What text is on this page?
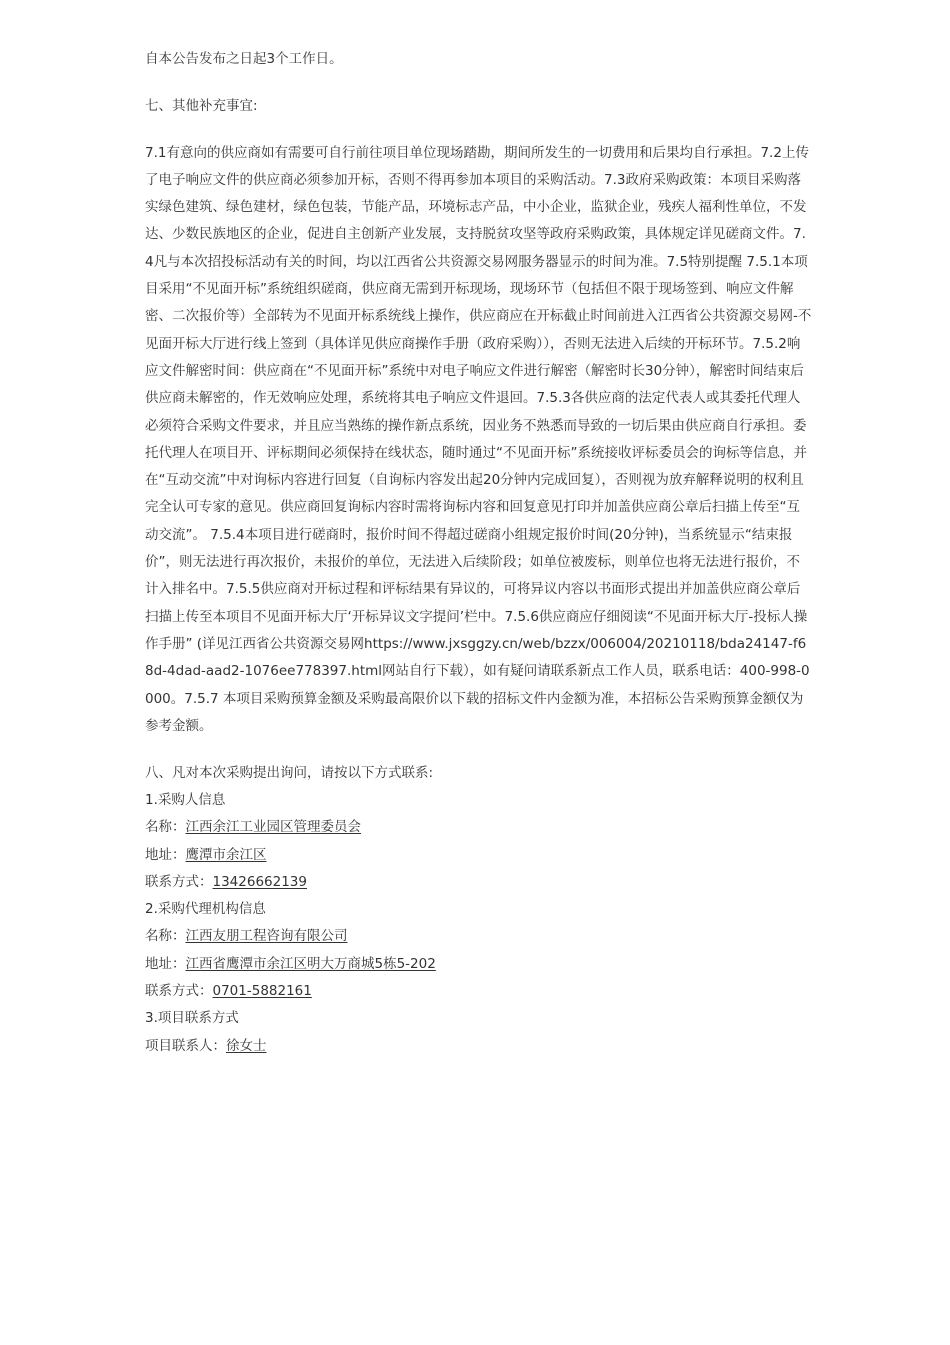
自本公告发布之日起3个工作日。

七、其他补充事宜:

7.1有意向的供应商如有需要可自行前往项目单位现场踏勘，期间所发生的一切费用和后果均自行承担。7.2上传了电子响应文件的供应商必须参加开标，否则不得再参加本项目的采购活动。7.3政府采购政策：本项目采购落实绿色建筑、绿色建材，绿色包装，节能产品，环境标志产品，中小企业，监狱企业，残疾人福利性单位，不发达、少数民族地区的企业，促进自主创新产业发展，支持脱贫攻坚等政府采购政策，具体规定详见磋商文件。7.4凡与本次招投标活动有关的时间，均以江西省公共资源交易网服务器显示的时间为准。7.5特别提醒 7.5.1本项目采用“不见面开标”系统组织磋商，供应商无需到开标现场，现场环节（包括但不限于现场签到、响应文件解密、二次报价等）全部转为不见面开标系统线上操作，供应商应在开标截止时间前进入江西省公共资源交易网-不见面开标大厅进行线上签到（具体详见供应商操作手册（政府采购）），否则无法进入后续的开标环节。7.5.2响应文件解密时间：供应商在“不见面开标”系统中对电子响应文件进行解密（解密时长30分钟），解密时间结束后供应商未解密的，作无效响应处理，系统将其电子响应文件退回。7.5.3各供应商的法定代表人或其委托代理人必须符合采购文件要求，并且应当熟练的操作新点系统，因业务不熟悉而导致的一切后果由供应商自行承担。委托代理人在项目开、评标期间必须保持在线状态，随时通过“不见面开标”系统接收评标委员会的询标等信息，并在“互动交流”中对询标内容进行回复（自询标内容发出起20分钟内完成回复），否则视为放弃解释说明的权利且完全认可专家的意见。供应商回复询标内容时需将询标内容和回复意见打印并加盖供应商公章后扫描上传至“互动交流”。 7.5.4本项目进行磋商时，报价时间不得超过磋商小组规定报价时间(20分钟)，当系统显示“结束报价”，则无法进行再次报价，未报价的单位，无法进入后续阶段；如单位被废标，则单位也将无法进行报价，不计入排名中。7.5.5供应商对开标过程和评标结果有异议的，可将异议内容以书面形式提出并加盖供应商公章后扫描上传至本项目不见面开标大厅‘开标异议文字提问’栏中。7.5.6供应商应仔细阅读“不见面开标大厅-投标人操作手册” (详见江西省公共资源交易网https://www.jxsggzy.cn/web/bzzx/006004/20210118/bda24147-f68d-4dad-aad2-1076ee778397.html网站自行下载），如有疑问请联系新点工作人员，联系电话：400-998-0000。7.5.7 本项目采购预算金额及采购最高限价以下载的招标文件内金额为准，本招标公告采购预算金额仅为参考金额。

八、凡对本次采购提出询问，请按以下方式联系:

1.采购人信息

名称：江西余江工业园区管理委员会

地址：鹰潭市余江区

联系方式：13426662139

2.采购代理机构信息

名称：江西友朋工程咨询有限公司

地址：江西省鹰潭市余江区明大万商城5栋5-202

联系方式：0701-5882161

3.项目联系方式

项目联系人：徐女士
